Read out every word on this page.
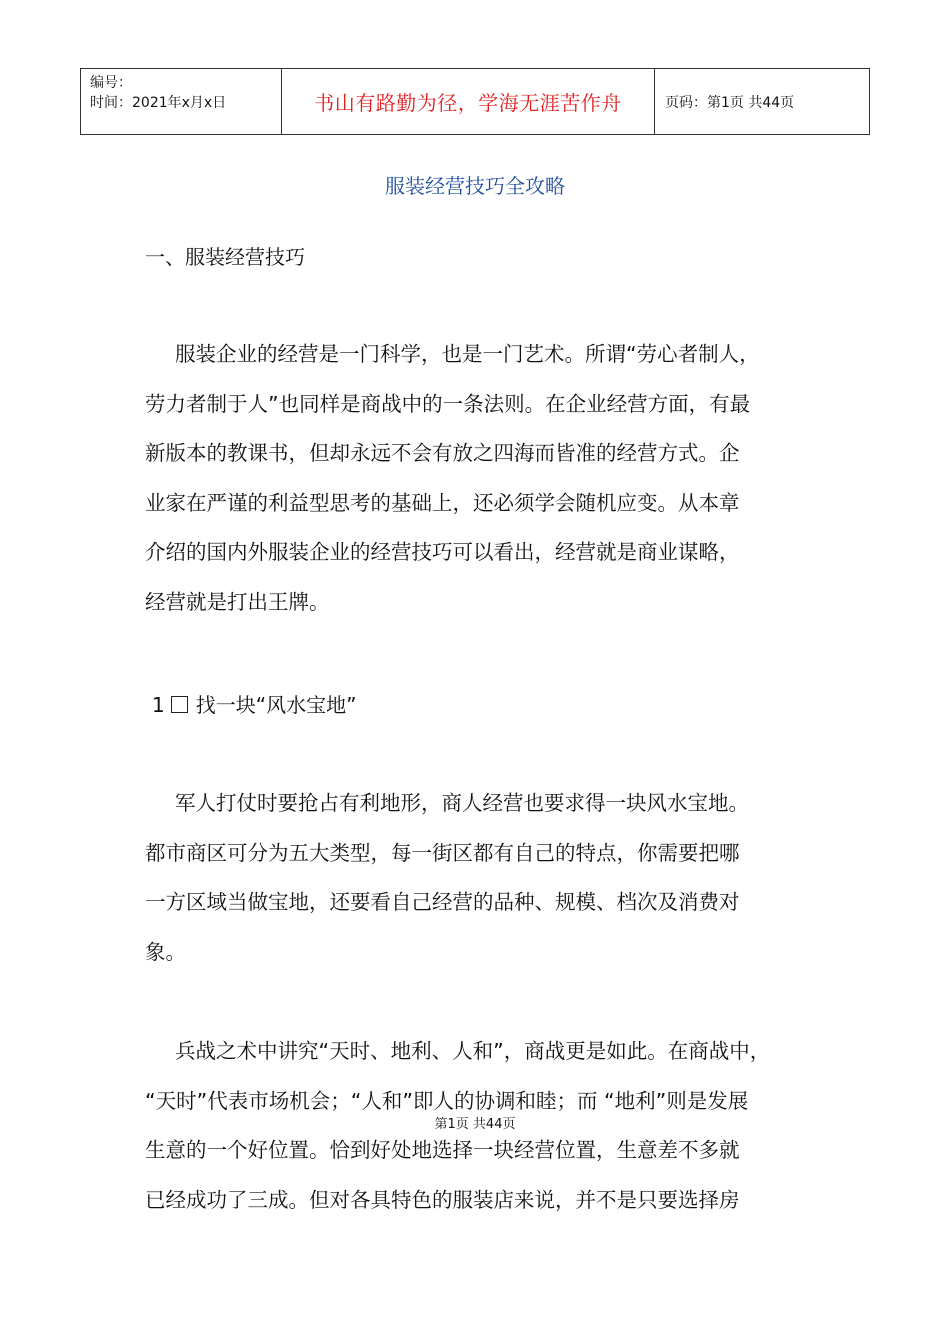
编号：
时间：2021年x月x日	书山有路勤为径，学海无涯苦作舟	页码：第1页 共44页
服装经营技巧全攻略
一、服装经营技巧
服装企业的经营是一门科学，也是一门艺术。所谓“劳心者制人，
劳力者制于人”也同样是商战中的一条法则。在企业经营方面，有最
新版本的教课书，但却永远不会有放之四海而皆准的经营方式。企
业家在严谨的利益型思考的基础上，还必须学会随机应变。从本章
介绍的国内外服装企业的经营技巧可以看出，经营就是商业谋略，
经营就是打出王牌。
1 找一块“风水宝地”
军人打仗时要抢占有利地形，商人经营也要求得一块风水宝地。
都市商区可分为五大类型，每一街区都有自己的特点，你需要把哪
一方区域当做宝地，还要看自己经营的品种、规模、档次及消费对
象。
兵战之术中讲究“天时、地利、人和”，商战更是如此。在商战中，
“天时”代表市场机会；“人和”即人的协调和睦；而 “地利”则是发展
生意的一个好位置。恰到好处地选择一块经营位置，生意差不多就
已经成功了三成。但对各具特色的服装店来说，并不是只要选择房
第1页 共44页
